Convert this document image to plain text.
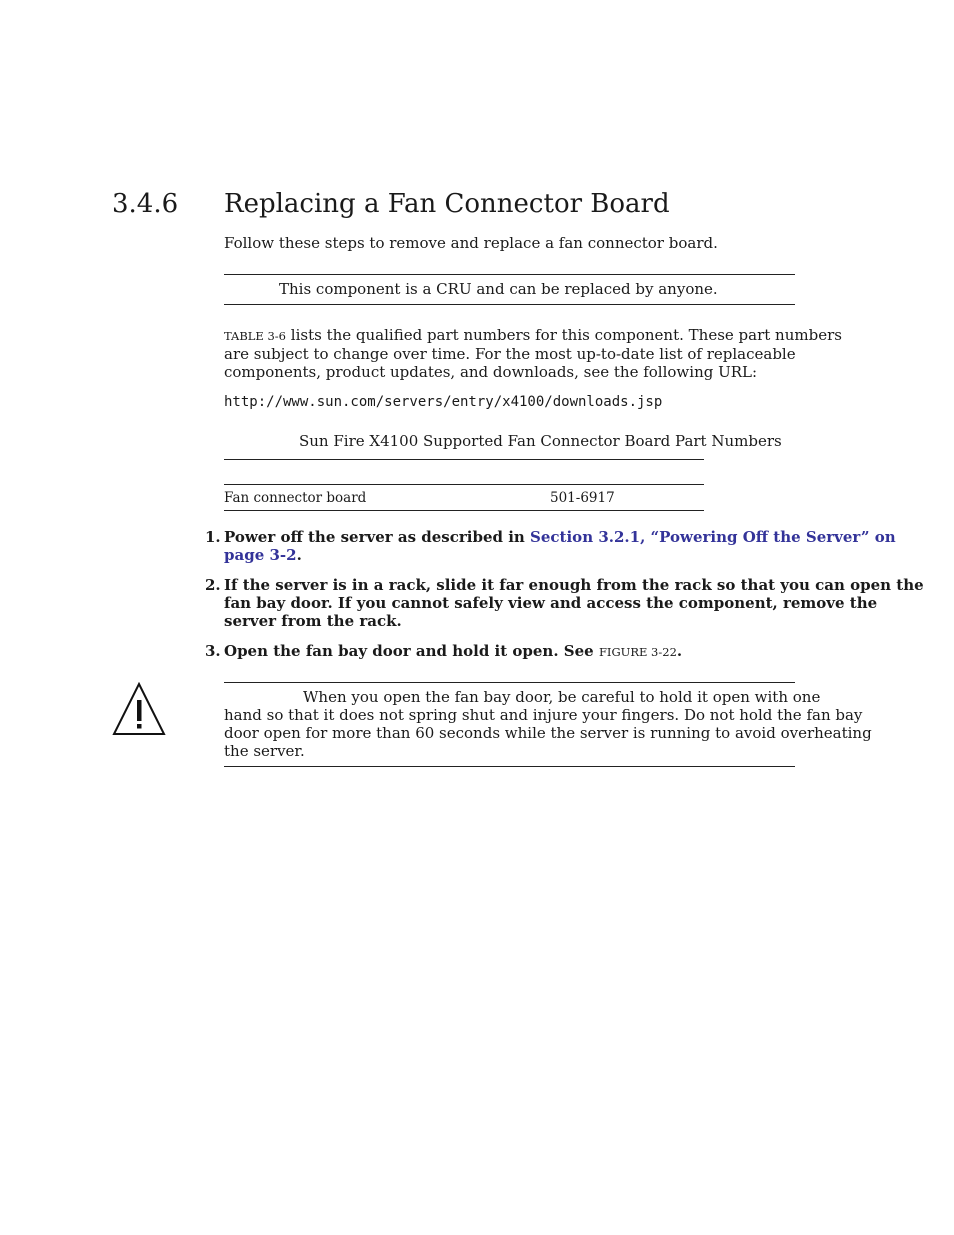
3.4.6 Replacing a Fan Connector Board
Follow these steps to remove and replace a fan connector board.
This component is a CRU and can be replaced by anyone.
TABLE 3-6 lists the qualified part numbers for this component. These part numbers
are subject to change over time. For the most up-to-date list of replaceable
components, product updates, and downloads, see the following URL:
http://www.sun.com/servers/entry/x4100/downloads.jsp
Sun Fire X4100 Supported Fan Connector Board Part Numbers
Fan connector board	501-6917
1. Power off the server as described in Section 3.2.1, “Powering Off the Server” on
page 3-2.
2. If the server is in a rack, slide it far enough from the rack so that you can open the
fan bay door. If you cannot safely view and access the component, remove the
server from the rack.
3. Open the fan bay door and hold it open. See FIGURE 3-22.
When you open the fan bay door, be careful to hold it open with one
hand so that it does not spring shut and injure your fingers. Do not hold the fan bay
door open for more than 60 seconds while the server is running to avoid overheating
the server.
